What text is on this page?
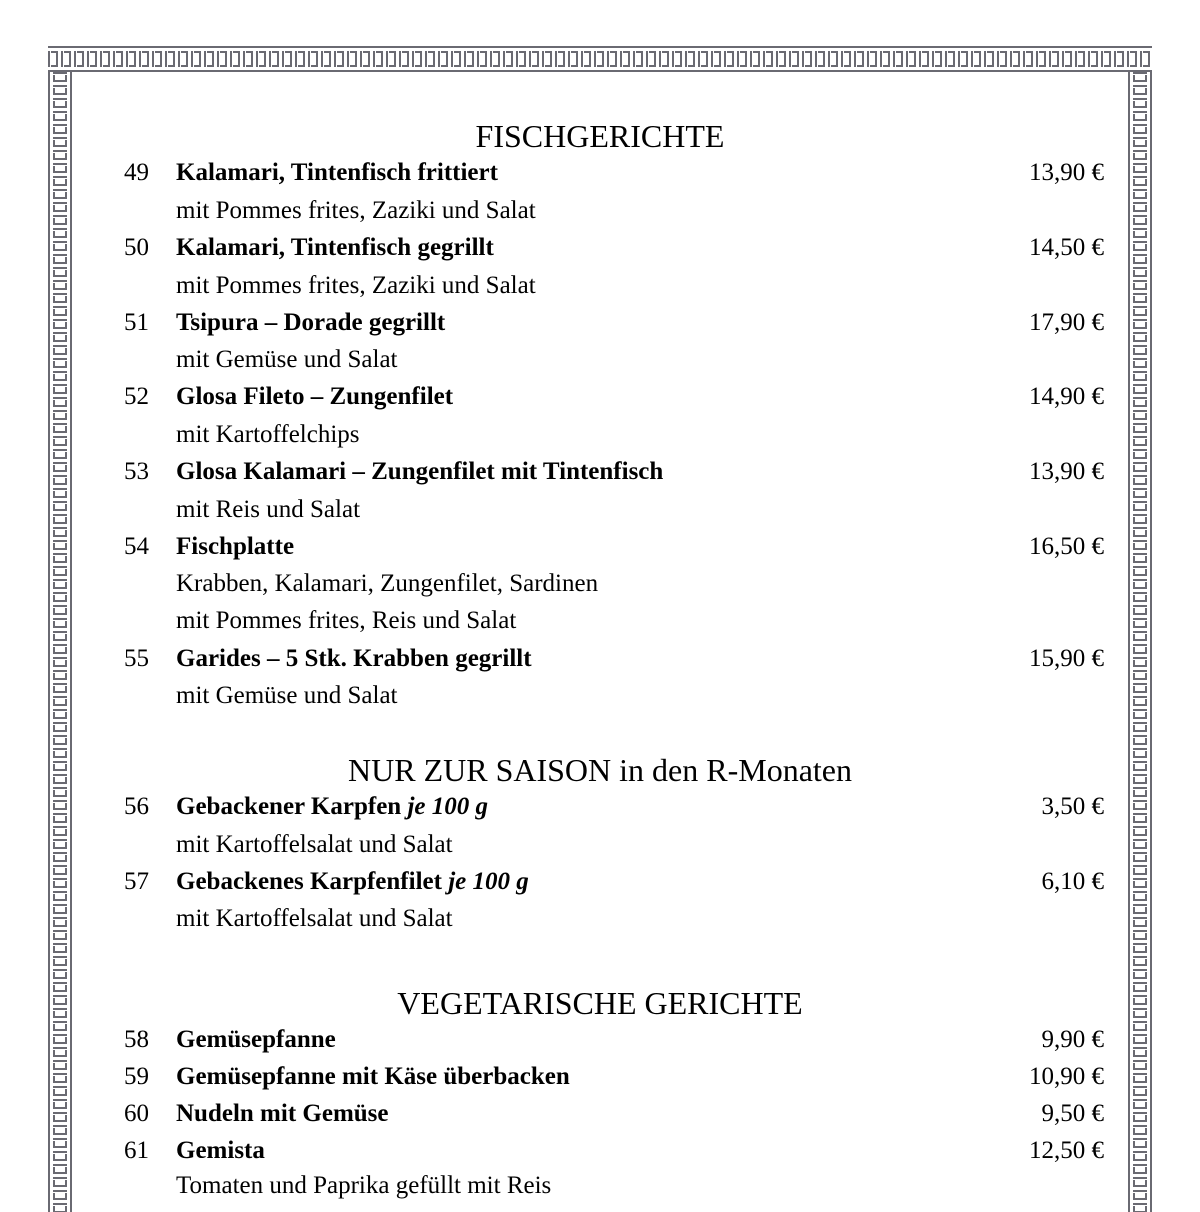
FISCHGERICHTE
49	Kalamari, Tintenfisch frittiert	13,90 €
mit Pommes frites, Zaziki und Salat
50	Kalamari, Tintenfisch gegrillt	14,50 €
mit Pommes frites, Zaziki und Salat
51	Tsipura – Dorade gegrillt	17,90 €
mit Gemüse und Salat
52	Glosa Fileto – Zungenfilet	14,90 €
mit Kartoffelchips
53	Glosa Kalamari – Zungenfilet mit Tintenfisch	13,90 €
mit Reis und Salat
54	Fischplatte	16,50 €
Krabben, Kalamari, Zungenfilet, Sardinen
mit Pommes frites, Reis und Salat
55	Garides – 5 Stk. Krabben gegrillt	15,90 €
mit Gemüse und Salat
NUR ZUR SAISON in den R-Monaten
56	Gebackener Karpfen je 100 g	3,50 €
mit Kartoffelsalat und Salat
57	Gebackenes Karpfenfilet je 100 g	6,10 €
mit Kartoffelsalat und Salat
VEGETARISCHE GERICHTE
58	Gemüsepfanne	9,90 €
59	Gemüsepfanne mit Käse überbacken	10,90 €
60	Nudeln mit Gemüse	9,50 €
61	Gemista	12,50 €
Tomaten und Paprika gefüllt mit Reis
